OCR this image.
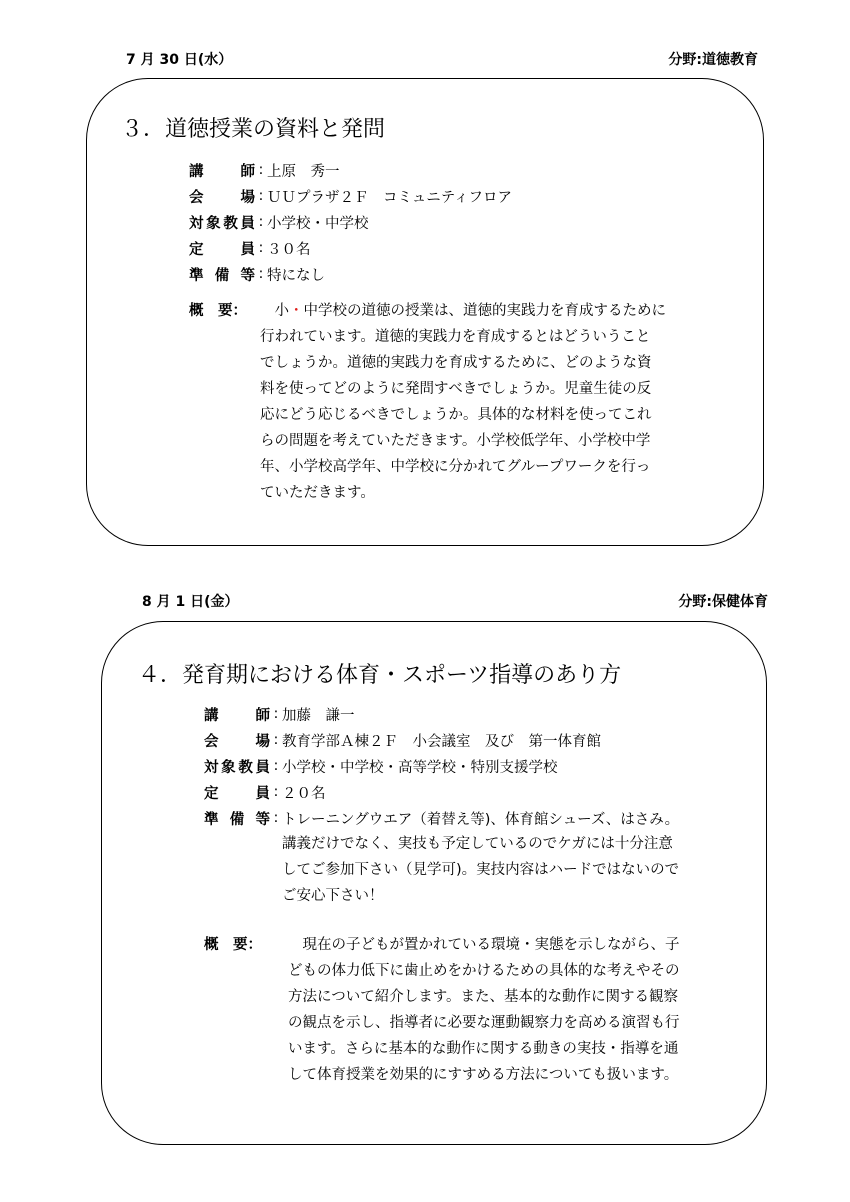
7 月 30 日(水）	分野:道徳教育
３．道徳授業の資料と発問
講師 : 上原　秀一
会場 : ＵＵプラザ２Ｆ　コミュニティフロア
対象教員 : 小学校・中学校
定員 : ３０名
準備等 : 特になし
概　要：
　	小・中学校の道徳の授業は、道徳的実践力を育成するために
行われています。道徳的実践力を育成するとはどういうこと
でしょうか。道徳的実践力を育成するために、どのような資
料を使ってどのように発問すべきでしょうか。児童生徒の反
応にどう応じるべきでしょうか。具体的な材料を使ってこれ
らの問題を考えていただきます。小学校低学年、小学校中学
年、小学校高学年、中学校に分かれてグループワークを行っ
ていただきます。
8 月 1 日(金）	分野:保健体育
４．発育期における体育・スポーツ指導のあり方
講師 : 加藤　謙一
会場 : 教育学部Ａ棟２Ｆ　小会議室　及び　第一体育館
対象教員 : 小学校・中学校・高等学校・特別支援学校
定員 : ２０名
準備等 : トレーニングウエア（着替え等)、体育館シューズ、はさみ。
講義だけでなく、実技も予定しているのでケガには十分注意
してご参加下さい（見学可)。実技内容はハードではないので
ご安心下さい！
概　要： 　現在の子どもが置かれている環境・実態を示しながら、子
どもの体力低下に歯止めをかけるための具体的な考えやその
方法について紹介します。また、基本的な動作に関する観察
の観点を示し、指導者に必要な運動観察力を高める演習も行
います。さらに基本的な動作に関する動きの実技・指導を通
して体育授業を効果的にすすめる方法についても扱います。
